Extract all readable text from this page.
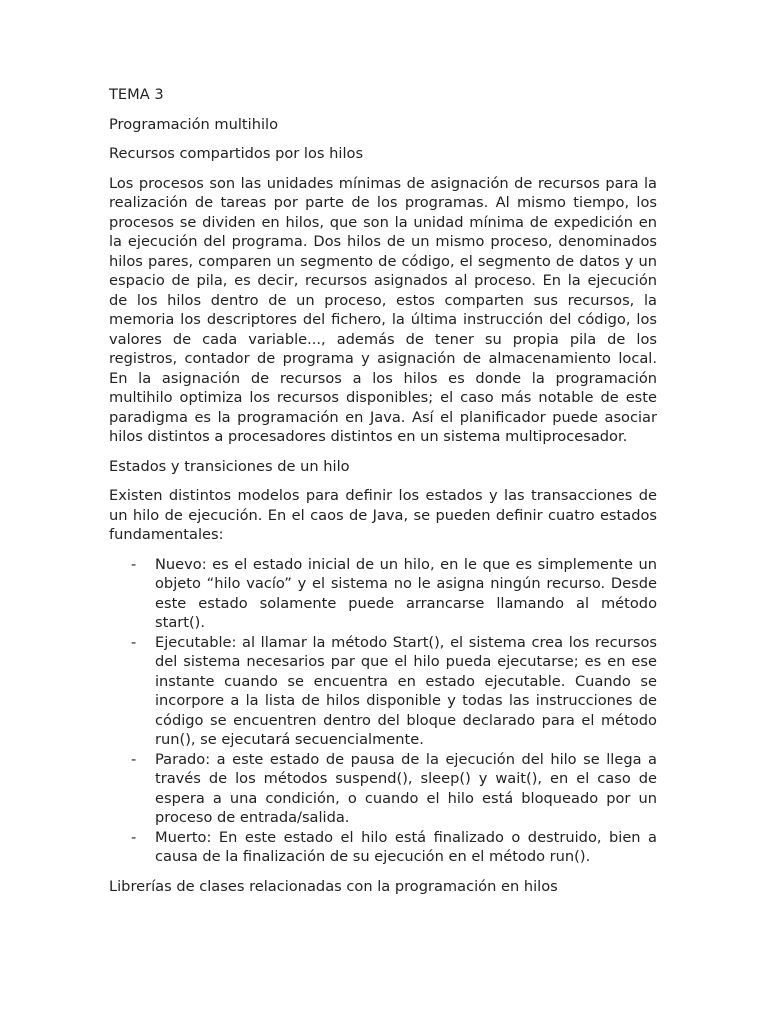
TEMA 3

Programación multihilo

Recursos compartidos por los hilos

Los procesos son las unidades mínimas de asignación de recursos para la realización de tareas por parte de los programas. Al mismo tiempo, los procesos se dividen en hilos, que son la unidad mínima de expedición en la ejecución del programa. Dos hilos de un mismo proceso, denominados hilos pares, comparen un segmento de código, el segmento de datos y un espacio de pila, es decir, recursos asignados al proceso. En la ejecución de los hilos dentro de un proceso, estos comparten sus recursos, la memoria los descriptores del fichero, la última instrucción del código, los valores de cada variable..., además de tener su propia pila de los registros, contador de programa y asignación de almacenamiento local. En la asignación de recursos a los hilos es donde la programación multihilo optimiza los recursos disponibles; el caso más notable de este paradigma es la programación en Java. Así el planificador puede asociar hilos distintos a procesadores distintos en un sistema multiprocesador.

Estados y transiciones de un hilo

Existen distintos modelos para definir los estados y las transacciones de un hilo de ejecución. En el caos de Java, se pueden definir cuatro estados fundamentales:

- Nuevo: es el estado inicial de un hilo, en le que es simplemente un objeto “hilo vacío” y el sistema no le asigna ningún recurso. Desde este estado solamente puede arrancarse llamando al método start().
- Ejecutable: al llamar la método Start(), el sistema crea los recursos del sistema necesarios par que el hilo pueda ejecutarse; es en ese instante cuando se encuentra en estado ejecutable. Cuando se incorpore a la lista de hilos disponible y todas las instrucciones de código se encuentren dentro del bloque declarado para el método run(), se ejecutará secuencialmente.
- Parado: a este estado de pausa de la ejecución del hilo se llega a través de los métodos suspend(), sleep() y wait(), en el caso de espera a una condición, o cuando el hilo está bloqueado por un proceso de entrada/salida.
- Muerto: En este estado el hilo está finalizado o destruido, bien a causa de la finalización de su ejecución en el método run().

Librerías de clases relacionadas con la programación en hilos
